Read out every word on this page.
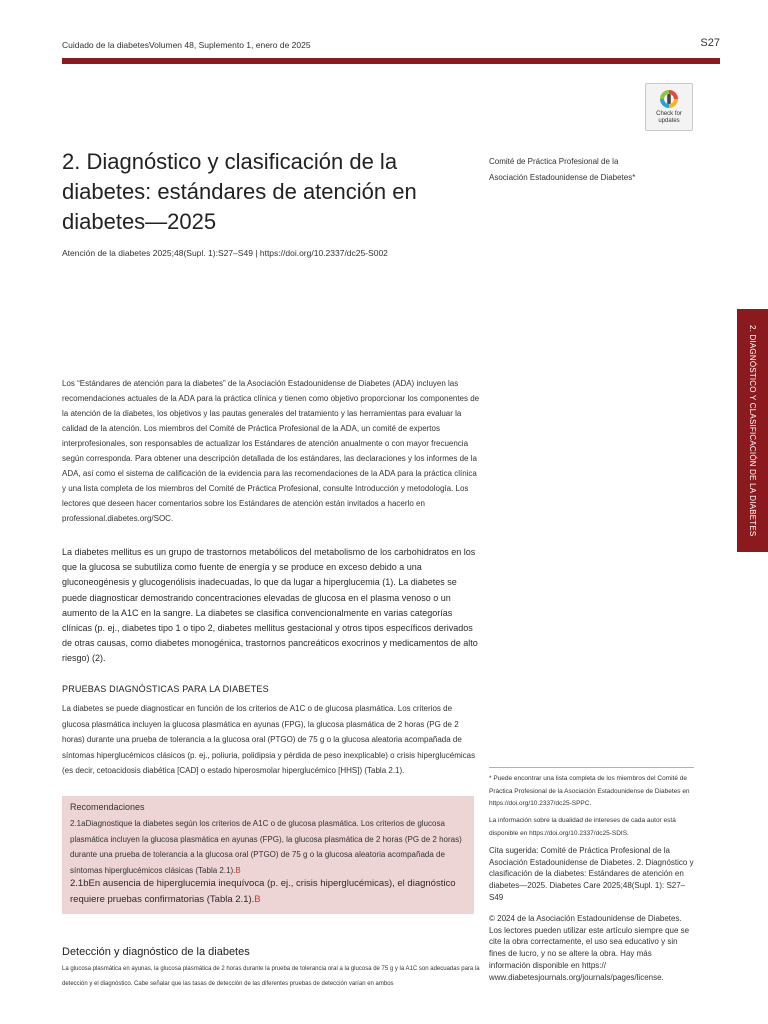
Cuidado de la diabetesVolumen 48, Suplemento 1, enero de 2025	S27
Check for
updates
2. Diagnóstico y clasificación de la diabetes: estándares de atención en diabetes—2025
Atención de la diabetes 2025;48(Supl. 1):S27–S49 | https://doi.org/10.2337/dc25-S002
Comité de Práctica Profesional de la
Asociación Estadounidense de Diabetes*
2. DIAGNÓSTICO Y CLASIFICACIÓN DE LA DIABETES
Los “Estándares de atención para la diabetes” de la Asociación Estadounidense de Diabetes (ADA) incluyen las recomendaciones actuales de la ADA para la práctica clínica y tienen como objetivo proporcionar los componentes de la atención de la diabetes, los objetivos y las pautas generales del tratamiento y las herramientas para evaluar la calidad de la atención. Los miembros del Comité de Práctica Profesional de la ADA, un comité de expertos interprofesionales, son responsables de actualizar los Estándares de atención anualmente o con mayor frecuencia según corresponda. Para obtener una descripción detallada de los estándares, las declaraciones y los informes de la ADA, así como el sistema de calificación de la evidencia para las recomendaciones de la ADA para la práctica clínica y una lista completa de los miembros del Comité de Práctica Profesional, consulte Introducción y metodología. Los lectores que deseen hacer comentarios sobre los Estándares de atención están invitados a hacerlo en professional.diabetes.org/SOC.
La diabetes mellitus es un grupo de trastornos metabólicos del metabolismo de los carbohidratos en los que la glucosa se subutiliza como fuente de energía y se produce en exceso debido a una gluconeogénesis y glucogenólisis inadecuadas, lo que da lugar a hiperglucemia (1). La diabetes se puede diagnosticar demostrando concentraciones elevadas de glucosa en el plasma venoso o un aumento de la A1C en la sangre. La diabetes se clasifica convencionalmente en varias categorías clínicas (p. ej., diabetes tipo 1 o tipo 2, diabetes mellitus gestacional y otros tipos específicos derivados de otras causas, como diabetes monogénica, trastornos pancreáticos exocrinos y medicamentos de alto riesgo) (2).
PRUEBAS DIAGNÓSTICAS PARA LA DIABETES
La diabetes se puede diagnosticar en función de los criterios de A1C o de glucosa plasmática. Los criterios de glucosa plasmática incluyen la glucosa plasmática en ayunas (FPG), la glucosa plasmática de 2 horas (PG de 2 horas) durante una prueba de tolerancia a la glucosa oral (PTGO) de 75 g o la glucosa aleatoria acompañada de síntomas hiperglucémicos clásicos (p. ej., poliuria, polidipsia y pérdida de peso inexplicable) o crisis hiperglucémicas (es decir, cetoacidosis diabética [CAD] o estado hiperosmolar hiperglucémico [HHS]) (Tabla 2.1).
Recomendaciones
2.1aDiagnostique la diabetes según los criterios de A1C o de glucosa plasmática. Los criterios de glucosa plasmática incluyen la glucosa plasmática en ayunas (FPG), la glucosa plasmática de 2 horas (PG de 2 horas) durante una prueba de tolerancia a la glucosa oral (PTGO) de 75 g o la glucosa aleatoria acompañada de síntomas hiperglucémicos clásicas (Tabla 2.1).B
2.1bEn ausencia de hiperglucemia inequívoca (p. ej., crisis hiperglucémicas), el diagnóstico requiere pruebas confirmatorias (Tabla 2.1).B
Detección y diagnóstico de la diabetes
La glucosa plasmática en ayunas, la glucosa plasmática de 2 horas durante la prueba de tolerancia oral a la glucosa de 75 g y la A1C son adecuadas para la detección y el diagnóstico. Cabe señalar que las tasas de detección de las diferentes pruebas de detección varían en ambos
* Puede encontrar una lista completa de los miembros del Comité de Práctica Profesional de la Asociación Estadounidense de Diabetes en https://doi.org/10.2337/dc25-SPPC.
La información sobre la dualidad de intereses de cada autor está disponible en https://doi.org/10.2337/dc25-SDIS.
Cita sugerida: Comité de Práctica Profesional de la Asociación Estadounidense de Diabetes. 2. Diagnóstico y clasificación de la diabetes: Estándares de atención en diabetes—2025. Diabetes Care 2025;48(Supl. 1): S27–S49
© 2024 de la Asociación Estadounidense de Diabetes. Los lectores pueden utilizar este artículo siempre que se cite la obra correctamente, el uso sea educativo y sin fines de lucro, y no se altere la obra. Hay más información disponible en https:// www.diabetesjournals.org/journals/pages/license.
